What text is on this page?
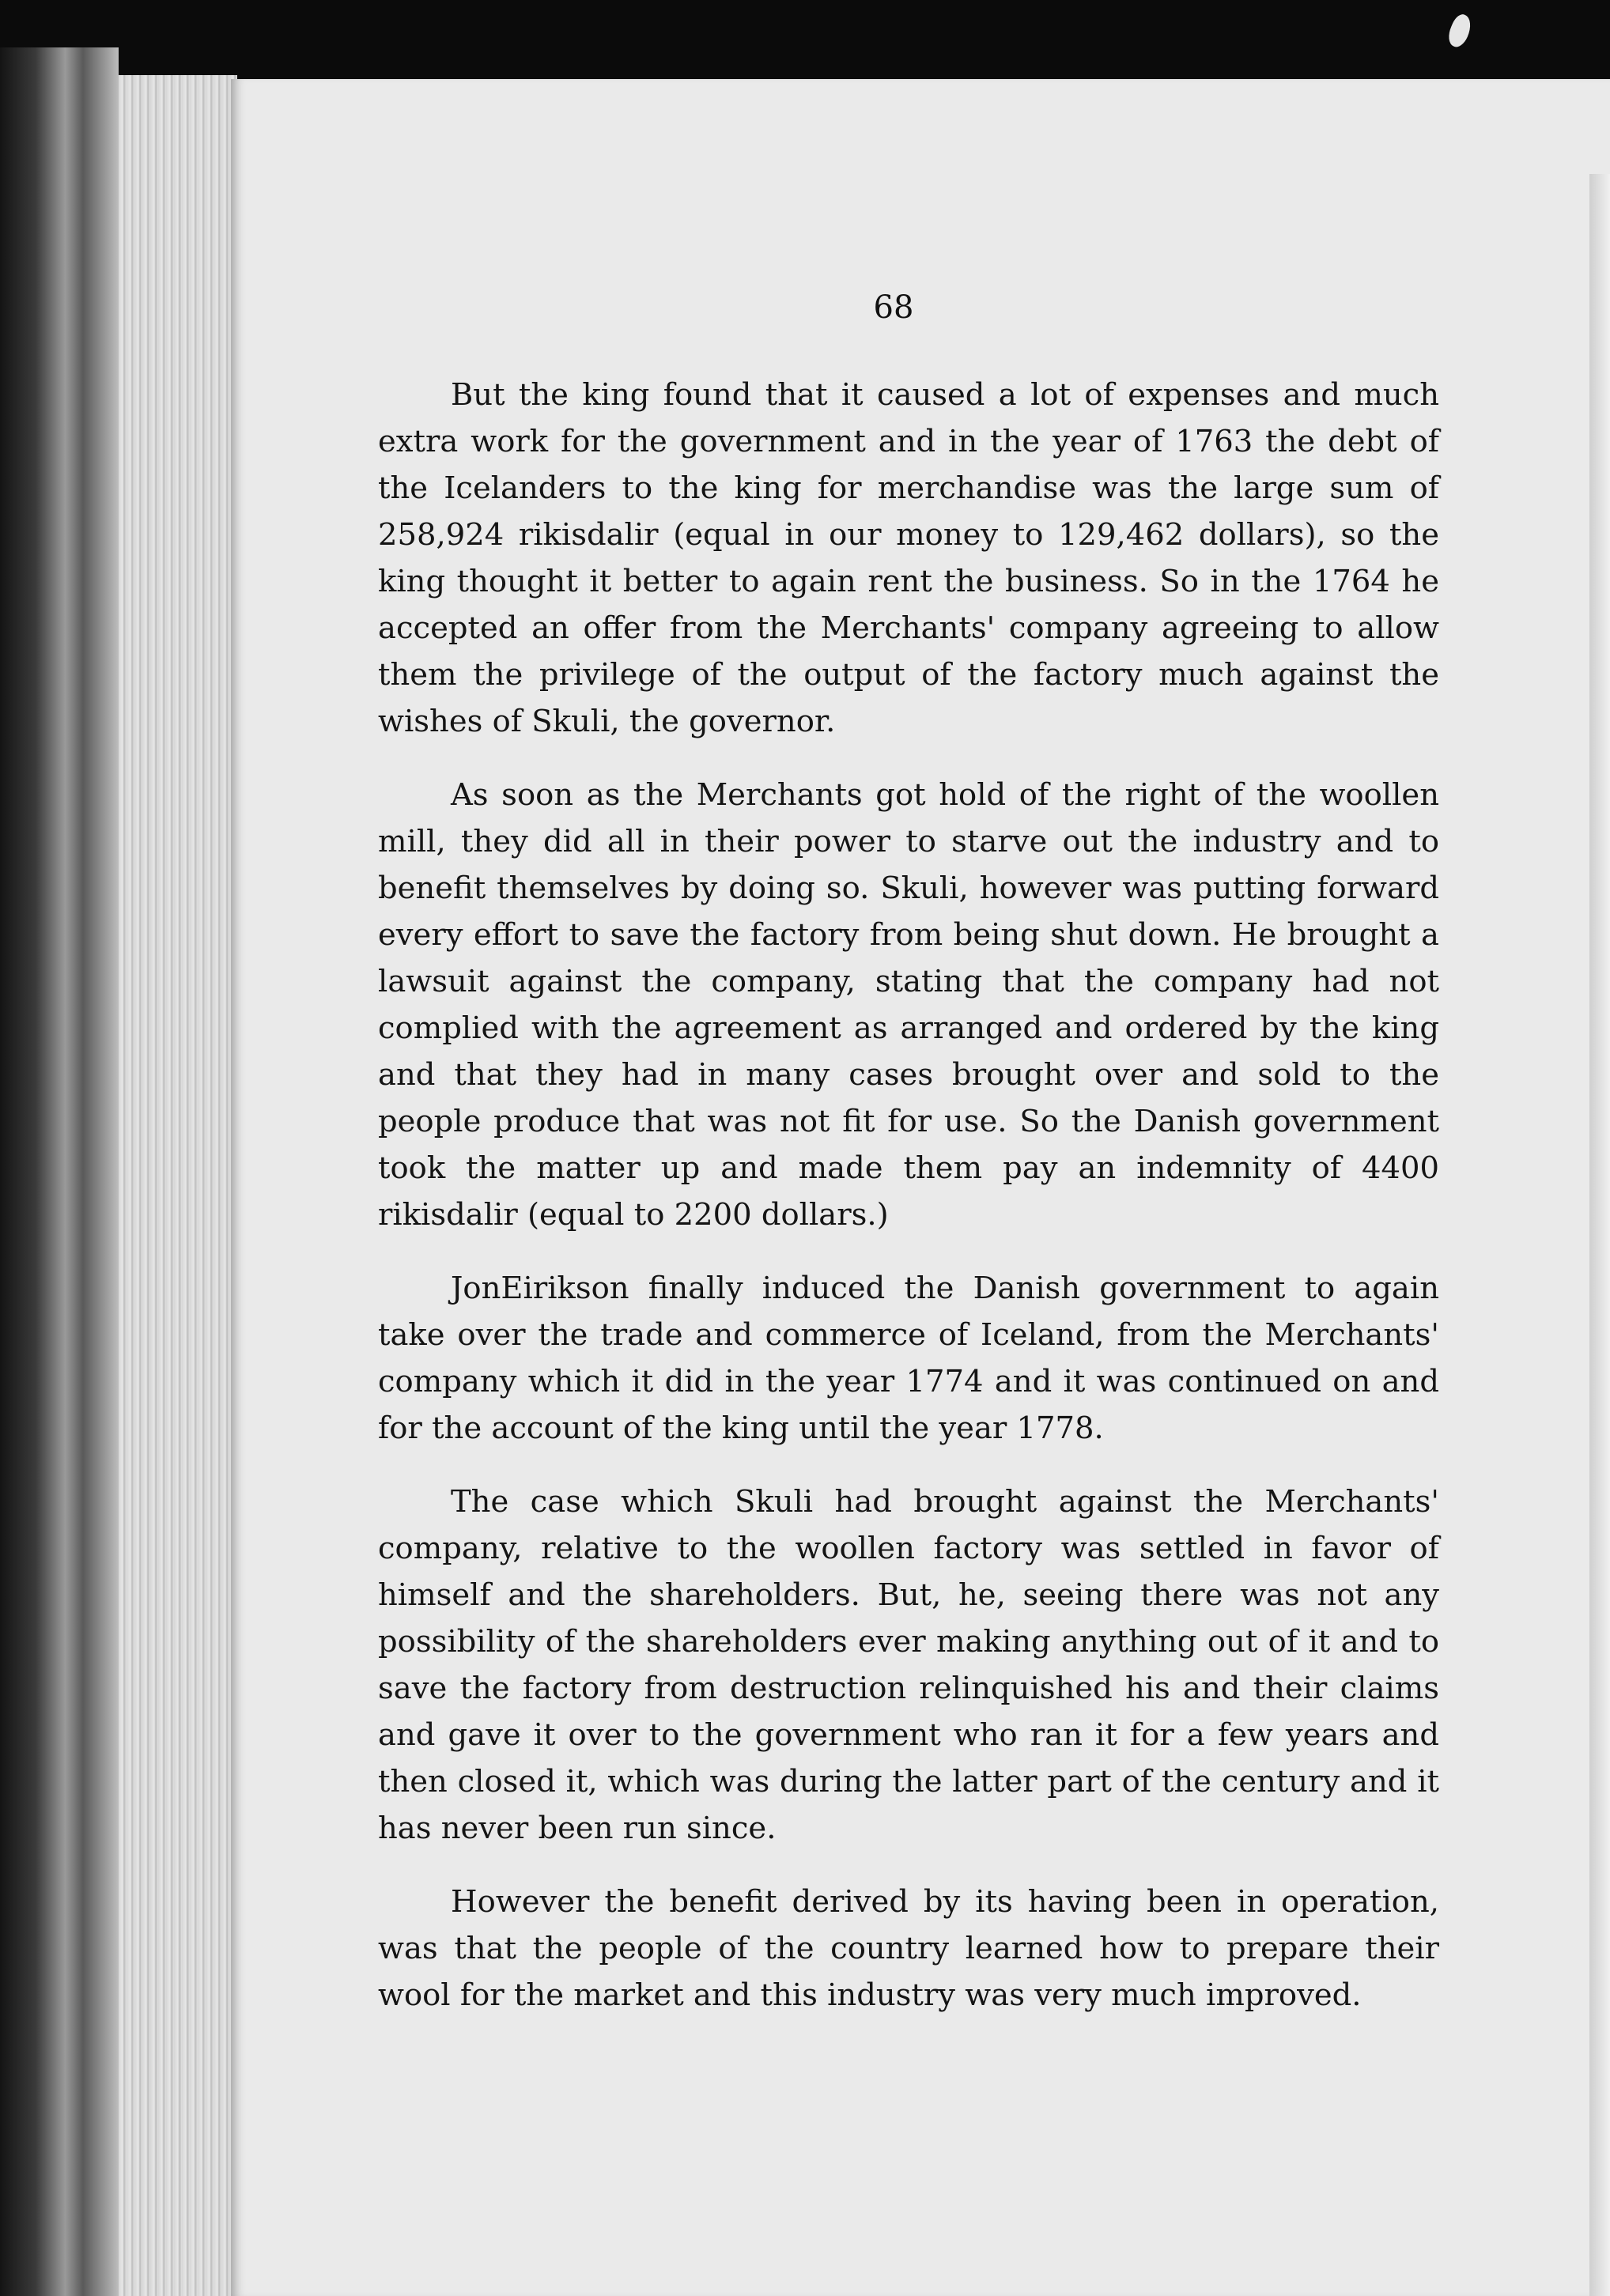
68

But the king found that it caused a lot of expenses and much extra work for the government and in the year of 1763 the debt of the Icelanders to the king for merchandise was the large sum of 258,924 rikisdalir (equal in our money to 129,462 dollars), so the king thought it better to again rent the business. So in the 1764 he accepted an offer from the Merchants' company agreeing to allow them the privilege of the output of the factory much against the wishes of Skuli, the governor.

As soon as the Merchants got hold of the right of the woollen mill, they did all in their power to starve out the industry and to benefit themselves by doing so. Skuli, however was putting forward every effort to save the factory from being shut down. He brought a lawsuit against the company, stating that the company had not complied with the agreement as arranged and ordered by the king and that they had in many cases brought over and sold to the people produce that was not fit for use. So the Danish government took the matter up and made them pay an indemnity of 4400 rikisdalir (equal to 2200 dollars.)

JonEirikson finally induced the Danish government to again take over the trade and commerce of Iceland, from the Merchants' company which it did in the year 1774 and it was continued on and for the account of the king until the year 1778.

The case which Skuli had brought against the Merchants' company, relative to the woollen factory was settled in favor of himself and the shareholders. But, he, seeing there was not any possibility of the shareholders ever making anything out of it and to save the factory from destruction relinquished his and their claims and gave it over to the government who ran it for a few years and then closed it, which was during the latter part of the century and it has never been run since.

However the benefit derived by its having been in operation, was that the people of the country learned how to prepare their wool for the market and this industry was very much improved.
